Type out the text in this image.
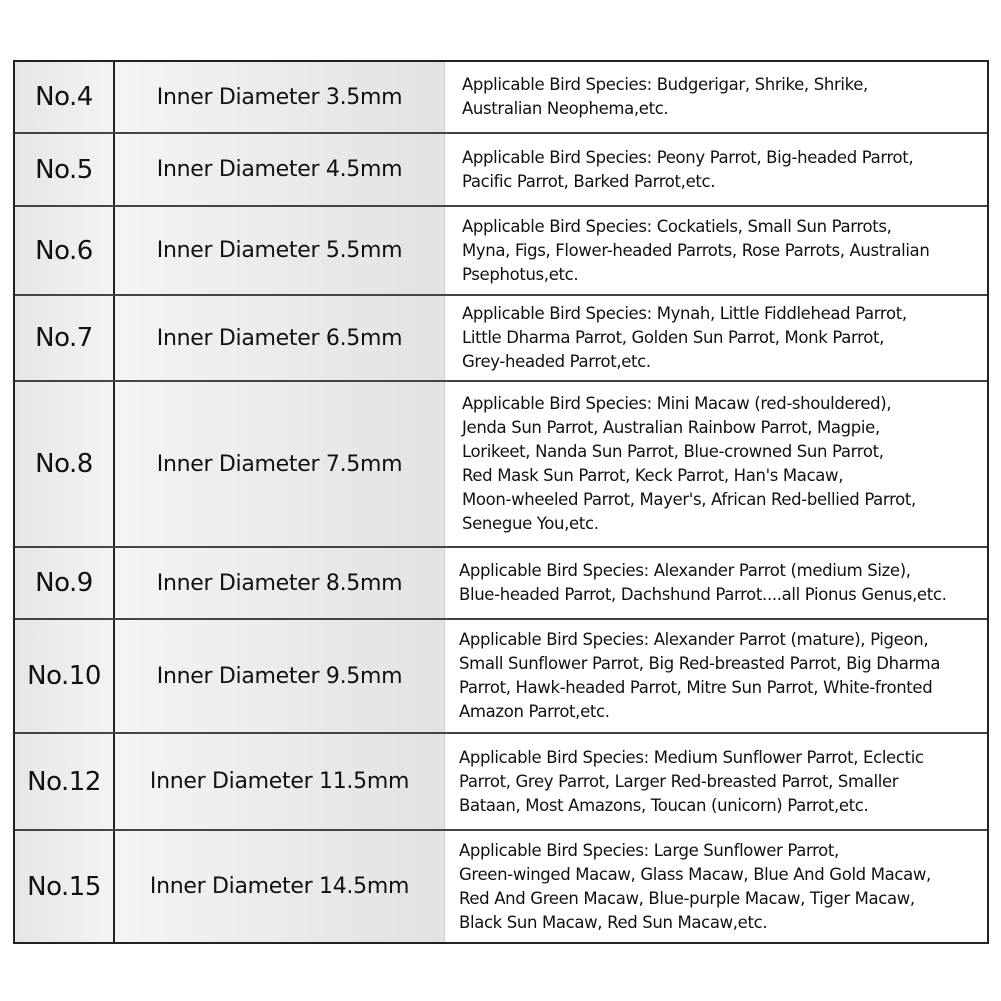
No.4	Inner Diameter 3.5mm	Applicable Bird Species: Budgerigar, Shrike, Shrike,
Australian Neophema,etc.
No.5	Inner Diameter 4.5mm	Applicable Bird Species: Peony Parrot, Big-headed Parrot,
Pacific Parrot, Barked Parrot,etc.
No.6	Inner Diameter 5.5mm
Applicable Bird Species: Cockatiels, Small Sun Parrots,
Myna, Figs, Flower-headed Parrots, Rose Parrots, Australian
Psephotus,etc.
No.7	Inner Diameter 6.5mm
Applicable Bird Species: Mynah, Little Fiddlehead Parrot,
Little Dharma Parrot, Golden Sun Parrot, Monk Parrot,
Grey-headed Parrot,etc.
No.8	Inner Diameter 7.5mm
Applicable Bird Species: Mini Macaw (red-shouldered),
Jenda Sun Parrot, Australian Rainbow Parrot, Magpie,
Lorikeet, Nanda Sun Parrot, Blue-crowned Sun Parrot,
Red Mask Sun Parrot, Keck Parrot, Han's Macaw,
Moon-wheeled Parrot, Mayer's, African Red-bellied Parrot,
Senegue You,etc.
No.9	Inner Diameter 8.5mm	Applicable Bird Species: Alexander Parrot (medium Size),
Blue-headed Parrot, Dachshund Parrot....all Pionus Genus,etc.
No.10	Inner Diameter 9.5mm
Applicable Bird Species: Alexander Parrot (mature), Pigeon,
Small Sunflower Parrot, Big Red-breasted Parrot, Big Dharma
Parrot, Hawk-headed Parrot, Mitre Sun Parrot, White-fronted
Amazon Parrot,etc.
No.12	Inner Diameter 11.5mm
Applicable Bird Species: Medium Sunflower Parrot, Eclectic
Parrot, Grey Parrot, Larger Red-breasted Parrot, Smaller
Bataan, Most Amazons, Toucan (unicorn) Parrot,etc.
No.15	Inner Diameter 14.5mm
Applicable Bird Species: Large Sunflower Parrot,
Green-winged Macaw, Glass Macaw, Blue And Gold Macaw,
Red And Green Macaw, Blue-purple Macaw, Tiger Macaw,
Black Sun Macaw, Red Sun Macaw,etc.
